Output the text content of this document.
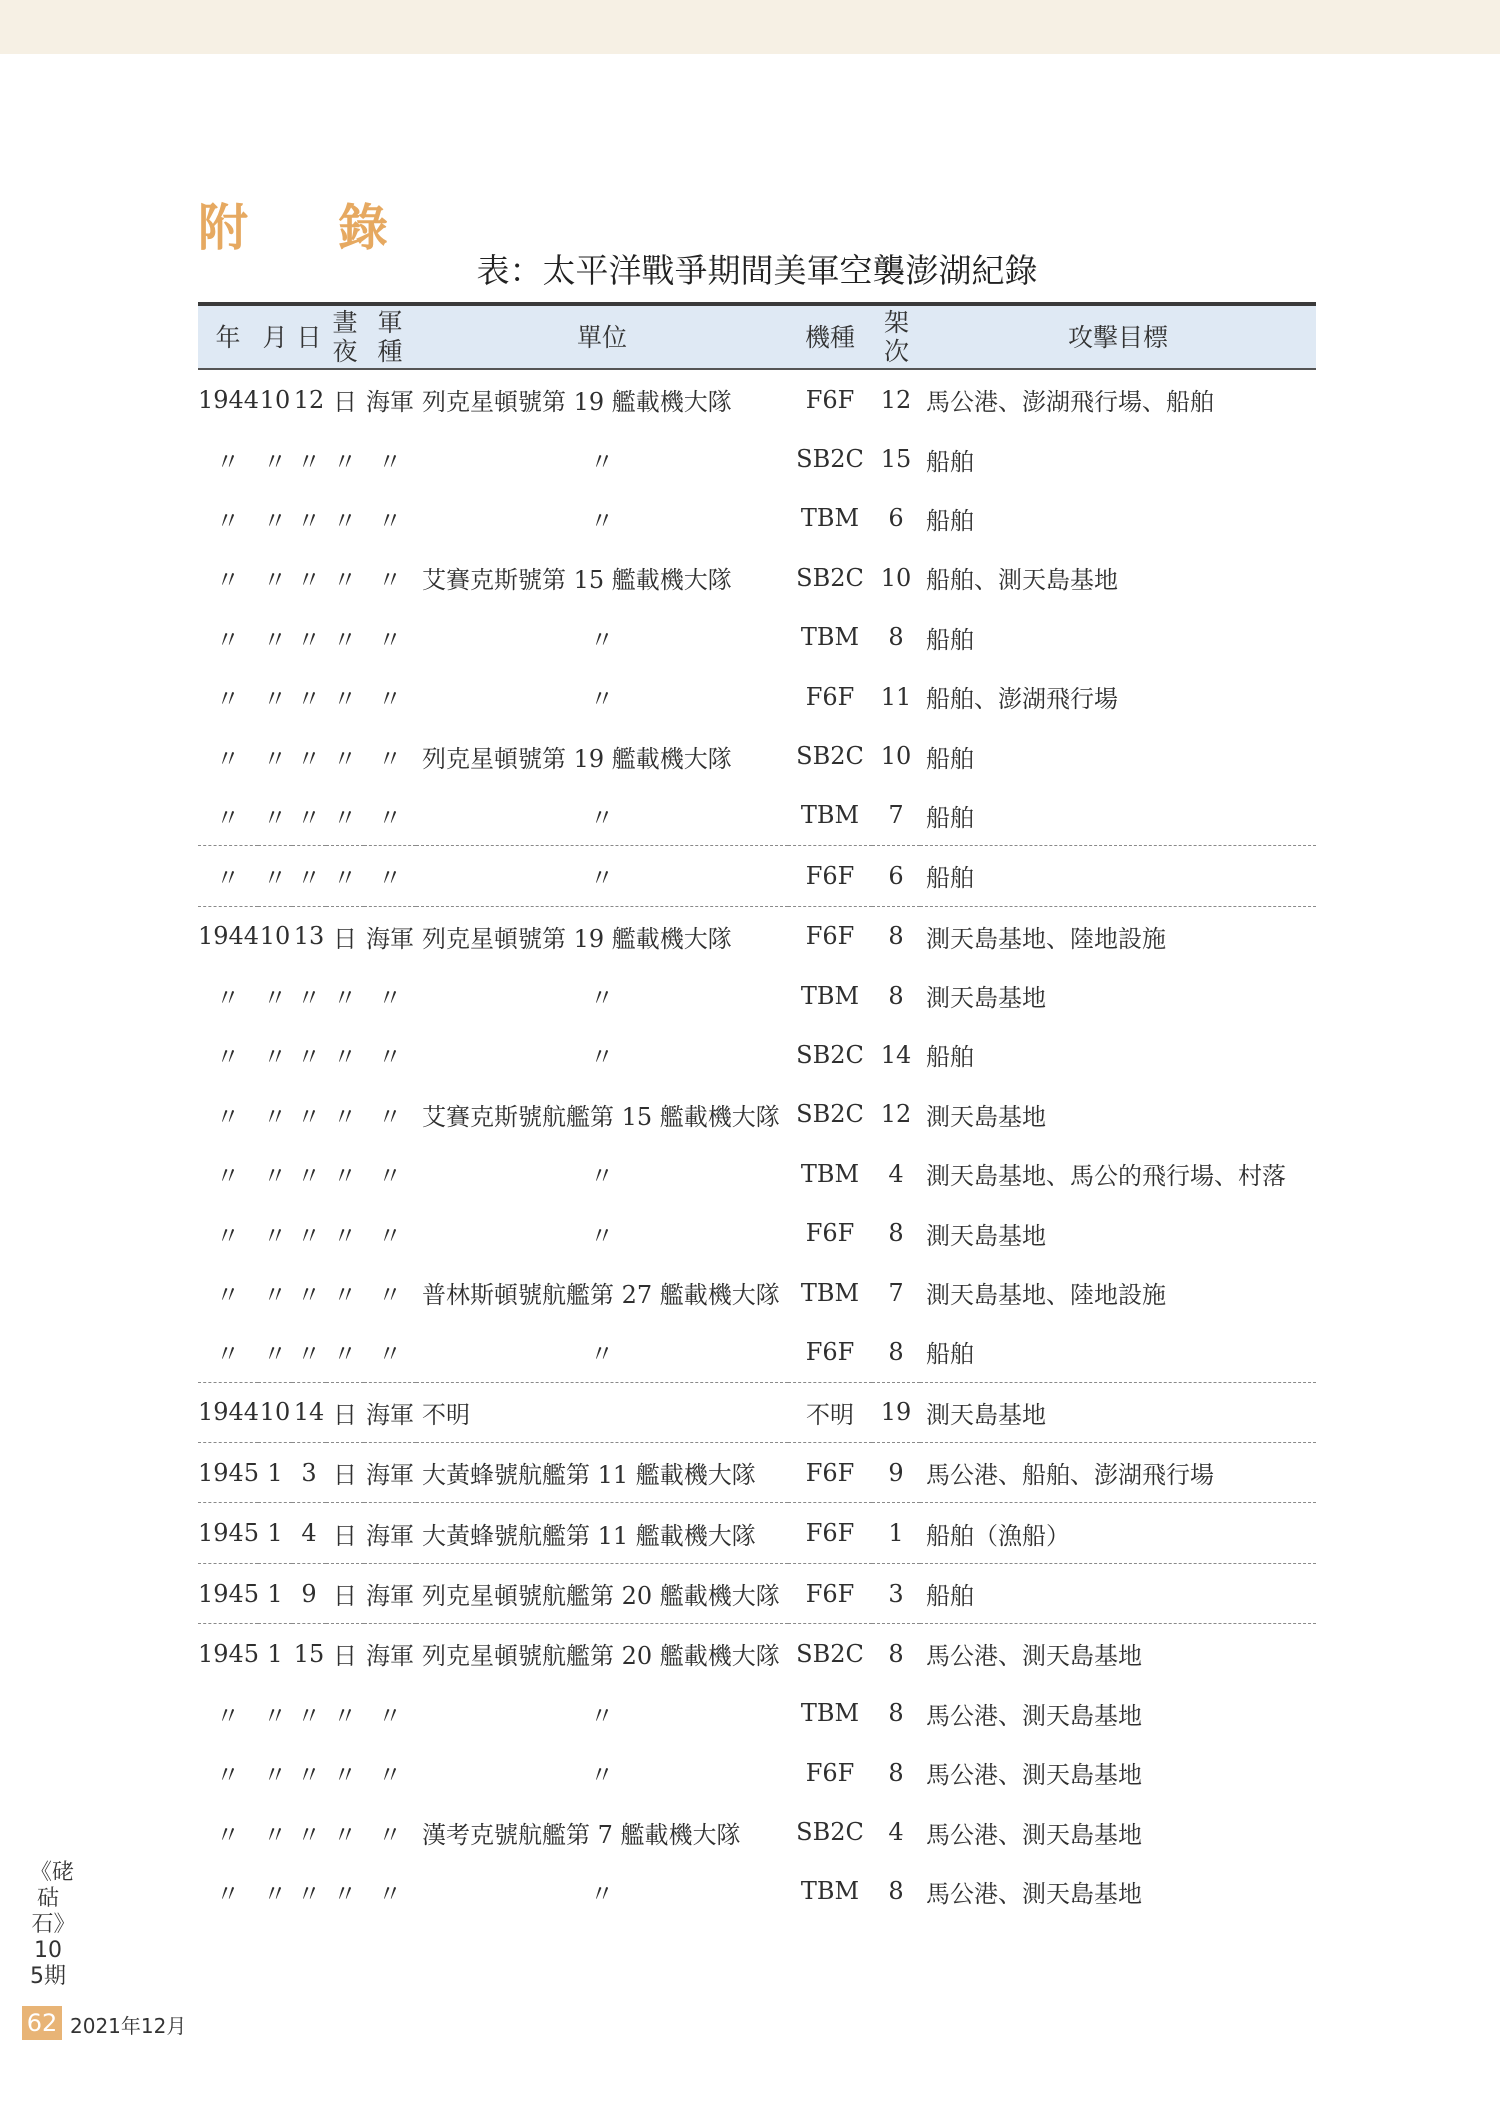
附錄
表：太平洋戰爭期間美軍空襲澎湖紀錄
年	月	日	晝夜	軍種	單位	機種	架次	攻擊目標
1944	10	12	日	海軍	列克星頓號第 19 艦載機大隊	F6F	12	馬公港、澎湖飛行場、船舶
〃	〃	〃	〃	〃	〃	SB2C	15	船舶
〃	〃	〃	〃	〃	〃	TBM	6	船舶
〃	〃	〃	〃	〃	艾賽克斯號第 15 艦載機大隊	SB2C	10	船舶、測天島基地
〃	〃	〃	〃	〃	〃	TBM	8	船舶
〃	〃	〃	〃	〃	〃	F6F	11	船舶、澎湖飛行場
〃	〃	〃	〃	〃	列克星頓號第 19 艦載機大隊	SB2C	10	船舶
〃	〃	〃	〃	〃	〃	TBM	7	船舶
〃	〃	〃	〃	〃	〃	F6F	6	船舶
1944	10	13	日	海軍	列克星頓號第 19 艦載機大隊	F6F	8	測天島基地、陸地設施
〃	〃	〃	〃	〃	〃	TBM	8	測天島基地
〃	〃	〃	〃	〃	〃	SB2C	14	船舶
〃	〃	〃	〃	〃	艾賽克斯號航艦第 15 艦載機大隊	SB2C	12	測天島基地
〃	〃	〃	〃	〃	〃	TBM	4	測天島基地、馬公的飛行場、村落
〃	〃	〃	〃	〃	〃	F6F	8	測天島基地
〃	〃	〃	〃	〃	普林斯頓號航艦第 27 艦載機大隊	TBM	7	測天島基地、陸地設施
〃	〃	〃	〃	〃	〃	F6F	8	船舶
1944	10	14	日	海軍	不明	不明	19	測天島基地
1945	1	3	日	海軍	大黃蜂號航艦第 11 艦載機大隊	F6F	9	馬公港、船舶、澎湖飛行場
1945	1	4	日	海軍	大黃蜂號航艦第 11 艦載機大隊	F6F	1	船舶（漁船）
1945	1	9	日	海軍	列克星頓號航艦第 20 艦載機大隊	F6F	3	船舶
1945	1	15	日	海軍	列克星頓號航艦第 20 艦載機大隊	SB2C	8	馬公港、測天島基地
〃	〃	〃	〃	〃	〃	TBM	8	馬公港、測天島基地
〃	〃	〃	〃	〃	〃	F6F	8	馬公港、測天島基地
〃	〃	〃	〃	〃	漢考克號航艦第 7 艦載機大隊	SB2C	4	馬公港、測天島基地
〃	〃	〃	〃	〃	〃	TBM	8	馬公港、測天島基地
《硓𥑮石》105期
62 2021年12月
